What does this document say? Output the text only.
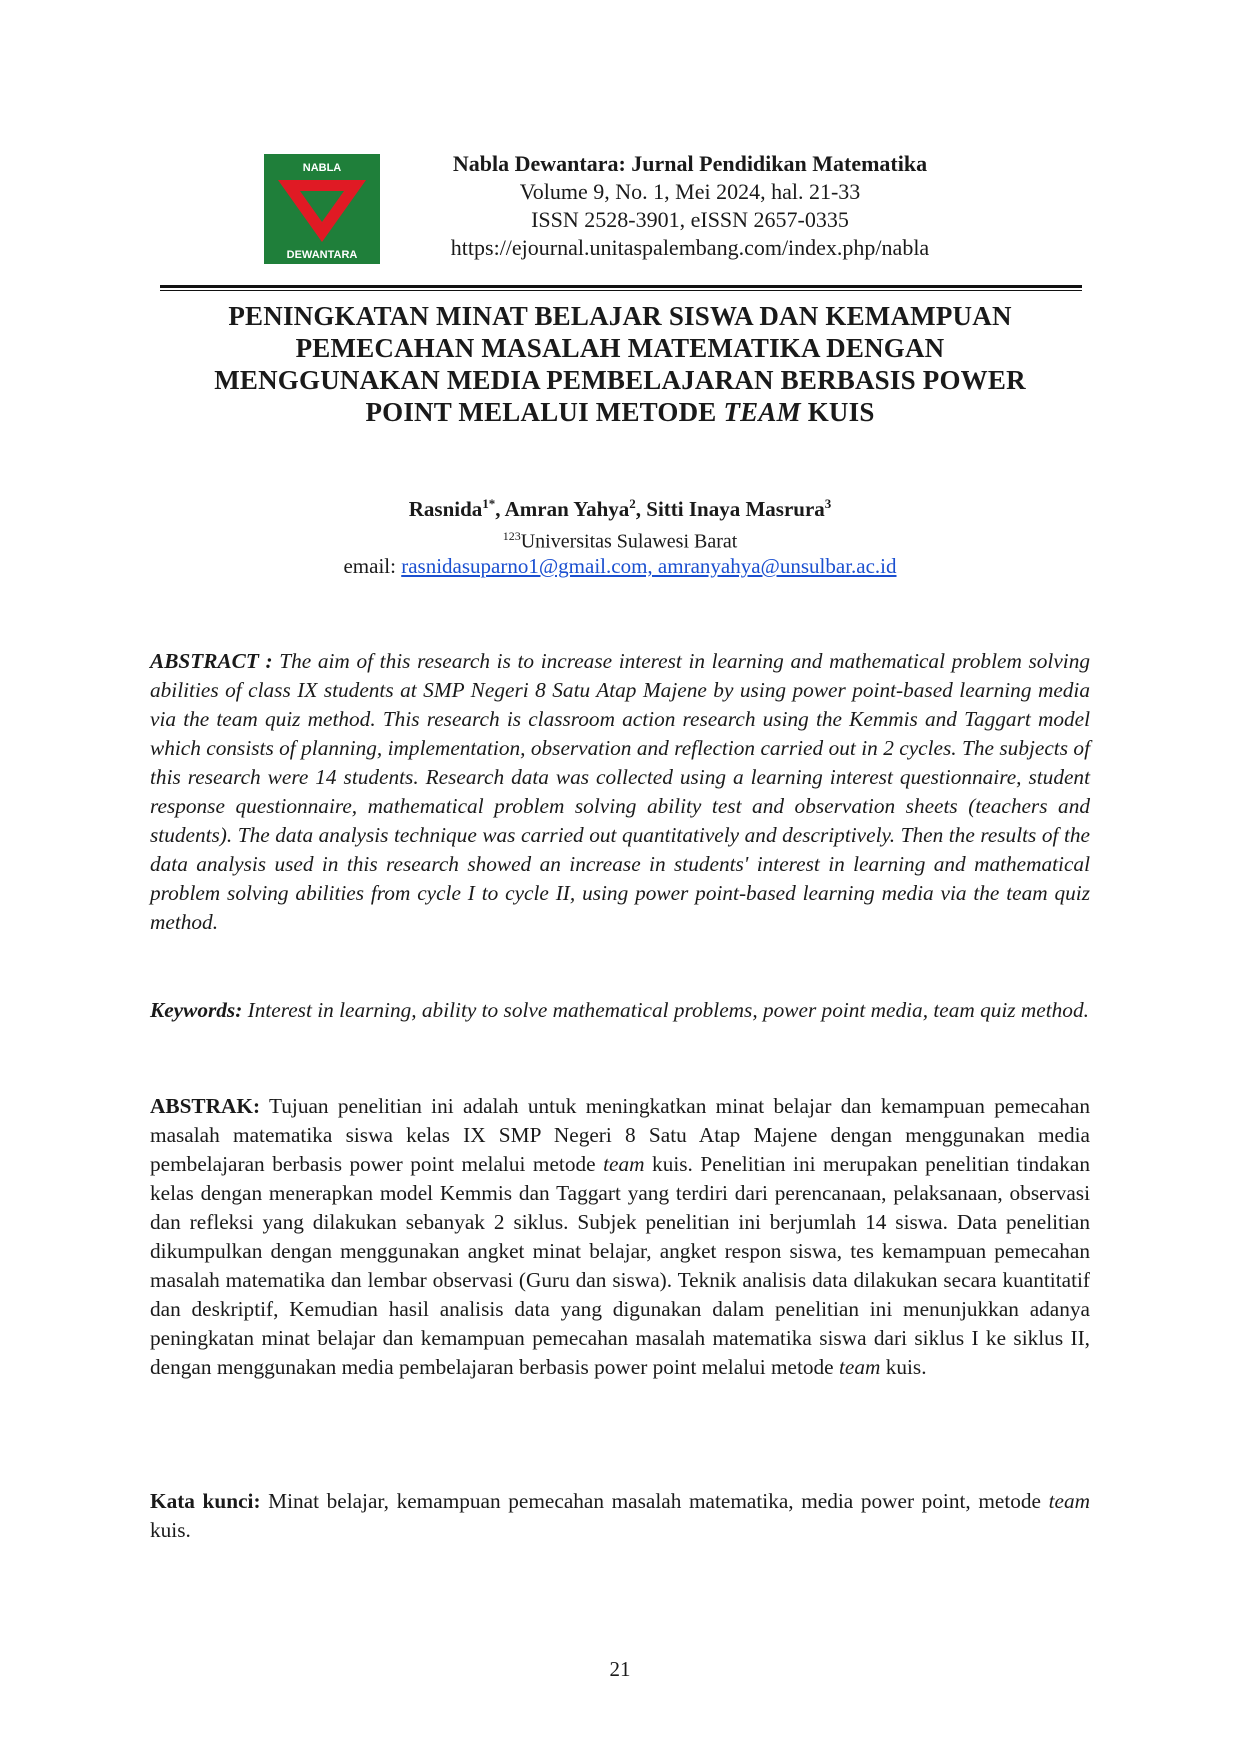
NABLA
DEWANTARA
Nabla Dewantara: Jurnal Pendidikan Matematika
Volume 9, No. 1, Mei 2024, hal. 21-33
ISSN 2528-3901, eISSN 2657-0335
https://ejournal.unitaspalembang.com/index.php/nabla
PENINGKATAN MINAT BELAJAR SISWA DAN KEMAMPUAN
PEMECAHAN MASALAH MATEMATIKA DENGAN
MENGGUNAKAN MEDIA PEMBELAJARAN BERBASIS POWER
POINT MELALUI METODE TEAM KUIS
Rasnida$^{1*}$, Amran Yahya$^2$, Sitti Inaya Masrura$^3$
$^{123}$Universitas Sulawesi Barat
email: rasnidasuparno1@gmail.com, amranyahya@unsulbar.ac.id
ABSTRACT : The aim of this research is to increase interest in learning and mathematical problem solving abilities of class IX students at SMP Negeri 8 Satu Atap Majene by using power point-based learning media via the team quiz method. This research is classroom action research using the Kemmis and Taggart model which consists of planning, implementation, observation and reflection carried out in 2 cycles. The subjects of this research were 14 students. Research data was collected using a learning interest questionnaire, student response questionnaire, mathematical problem solving ability test and observation sheets (teachers and students). The data analysis technique was carried out quantitatively and descriptively. Then the results of the data analysis used in this research showed an increase in students' interest in learning and mathematical problem solving abilities from cycle I to cycle II, using power point-based learning media via the team quiz method.
Keywords: Interest in learning, ability to solve mathematical problems, power point media, team quiz method.
ABSTRAK: Tujuan penelitian ini adalah untuk meningkatkan minat belajar dan kemampuan pemecahan masalah matematika siswa kelas IX SMP Negeri 8 Satu Atap Majene dengan menggunakan media pembelajaran berbasis power point melalui metode team kuis. Penelitian ini merupakan penelitian tindakan kelas dengan menerapkan model Kemmis dan Taggart yang terdiri dari perencanaan, pelaksanaan, observasi dan refleksi yang dilakukan sebanyak 2 siklus. Subjek penelitian ini berjumlah 14 siswa. Data penelitian dikumpulkan dengan menggunakan angket minat belajar, angket respon siswa, tes kemampuan pemecahan masalah matematika dan lembar observasi (Guru dan siswa). Teknik analisis data dilakukan secara kuantitatif dan deskriptif, Kemudian hasil analisis data yang digunakan dalam penelitian ini menunjukkan adanya peningkatan minat belajar dan kemampuan pemecahan masalah matematika siswa dari siklus I ke siklus II, dengan menggunakan media pembelajaran berbasis power point melalui metode team kuis.
Kata kunci: Minat belajar, kemampuan pemecahan masalah matematika, media power point, metode team kuis.
21
